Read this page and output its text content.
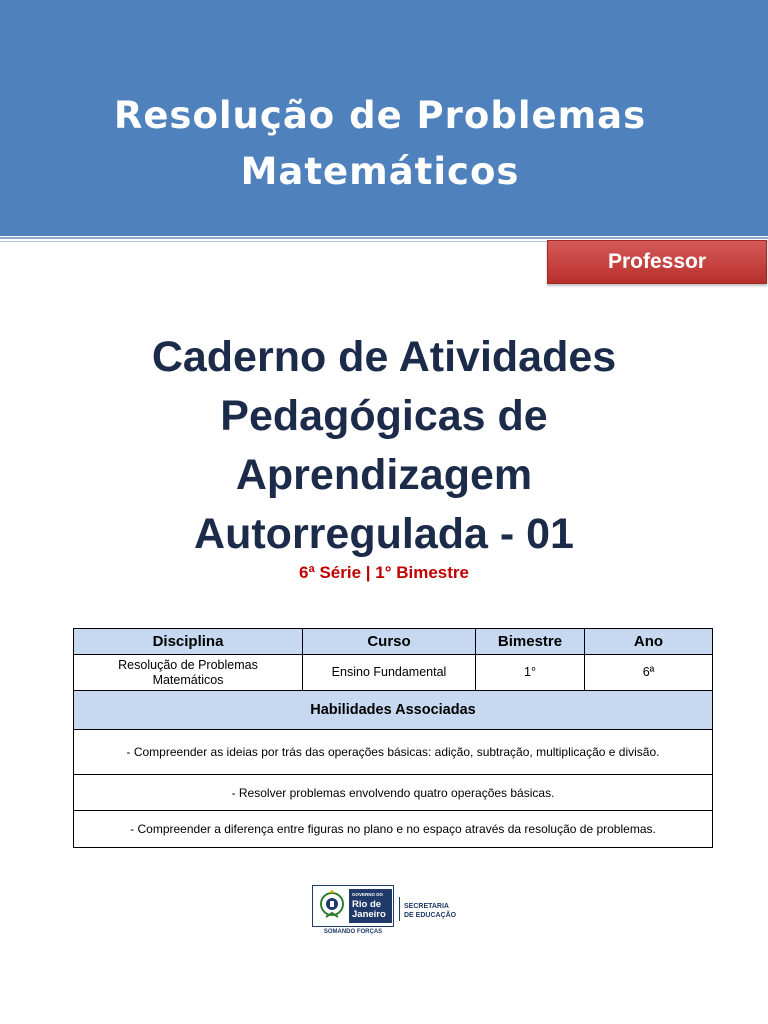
Resolução de Problemas
Matemáticos
Professor
Caderno de Atividades
Pedagógicas de
Aprendizagem
Autorregulada - 01
6ª Série | 1° Bimestre
Disciplina	Curso	Bimestre	Ano

Resolução de Problemas
Matemáticos	Ensino Fundamental	1°	6ª
Habilidades Associadas			
- Compreender as ideias por trás das operações básicas: adição, subtração, multiplicação e divisão.			
- Resolver problemas envolvendo quatro operações básicas.			
- Compreender a diferença entre figuras no plano e no espaço através da resolução de problemas.			
GOVERNO DO
Rio de
Janeiro
SOMANDO FORÇAS
SECRETARIA
DE EDUCAÇÃO
